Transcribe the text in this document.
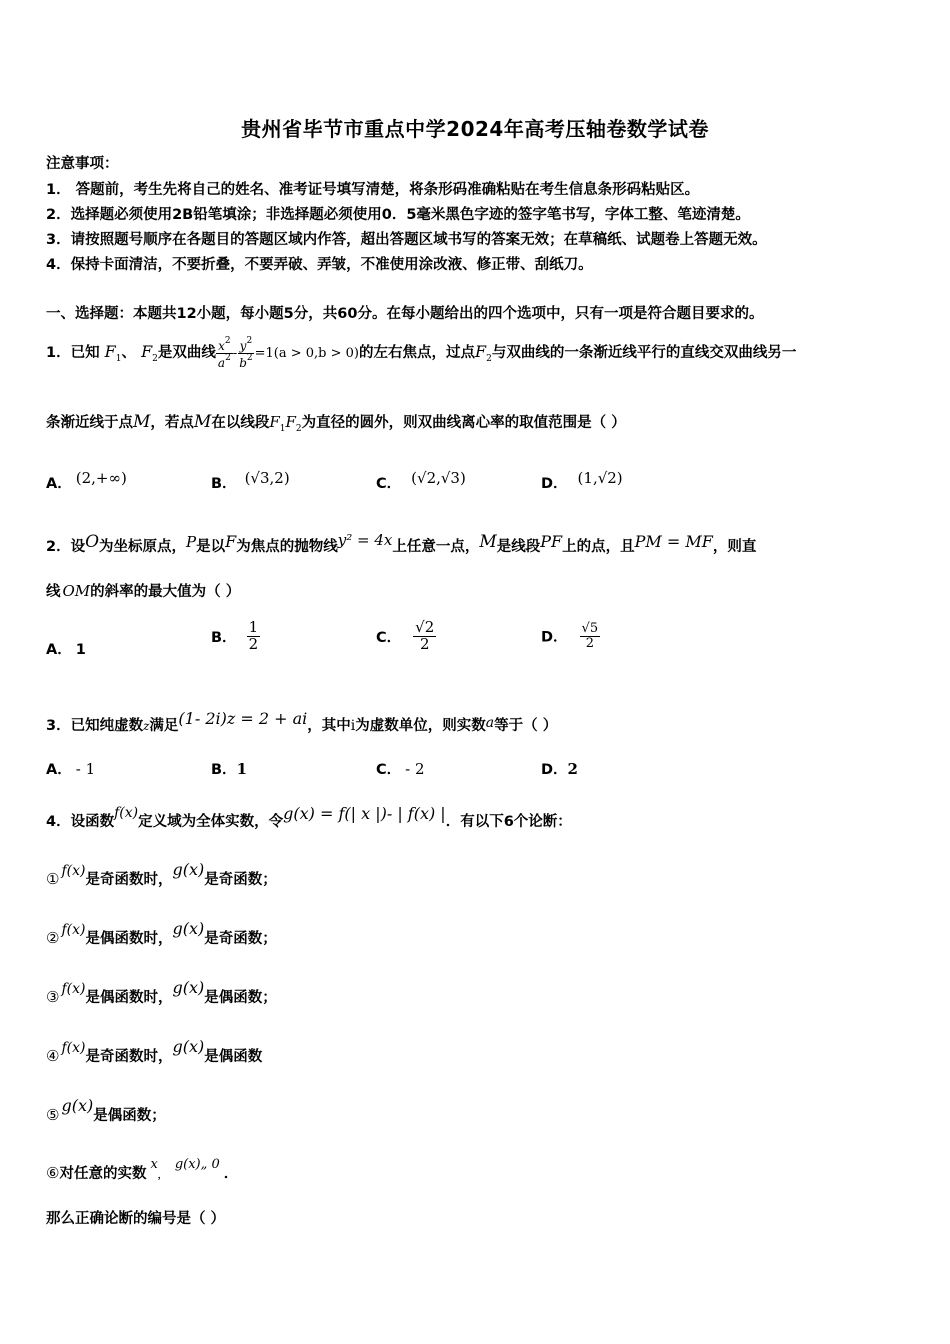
贵州省毕节市重点中学2024年高考压轴卷数学试卷
注意事项：
1． 答题前，考生先将自己的姓名、准考证号填写清楚，将条形码准确粘贴在考生信息条形码粘贴区。
2．选择题必须使用2B铅笔填涂；非选择题必须使用0．5毫米黑色字迹的签字笔书写，字体工整、笔迹清楚。
3．请按照题号顺序在各题目的答题区域内作答，超出答题区域书写的答案无效；在草稿纸、试题卷上答题无效。
4．保持卡面清洁，不要折叠，不要弄破、弄皱，不准使用涂改液、修正带、刮纸刀。
一、选择题：本题共12小题，每小题5分，共60分。在每小题给出的四个选项中，只有一项是符合题目要求的。
1．已知 $F_1$、 $F_2$是双曲线 $\frac{x^2}{a^2} - \frac{y^2}{b^2} =1(a > 0,b > 0)$的左右焦点，过点$F_2$与双曲线的一条渐近线平行的直线交双曲线另一
条渐近线于点M，若点M在以线段$F_1F_2$为直径的圆外，则双曲线离心率的取值范围是（ ）
A． (2,+∞)	B． (√3,2)	C． (√2,√3)	D． (1,√2)
2．设O为坐标原点，P是以F为焦点的抛物线y² = 4x上任意一点，M是线段PF上的点，且PM = MF，则直
线 OM的斜率的最大值为（ ）
A． 1
B． $\frac{1}{2}$	C． $\frac{√2}{2}$	D． $\frac{√5}{2}$
3．已知纯虚数z满足(1- 2i)z = 2 + ai，其中i为虚数单位，则实数a等于（ ）
A． - 1	B．1	C． - 2	D．2
4．设函数f(x)定义域为全体实数，令g(x) = f(| x |)- | f(x) |．有以下6个论断：
① f(x)是奇函数时，g(x)是奇函数；
② f(x)是偶函数时，g(x)是奇函数；
③ f(x)是偶函数时，g(x)是偶函数；
④ f(x)是奇函数时，g(x)是偶函数
⑤ g(x)是偶函数；
⑥对任意的实数x，g(x)„ 0．
那么正确论断的编号是（ ）
